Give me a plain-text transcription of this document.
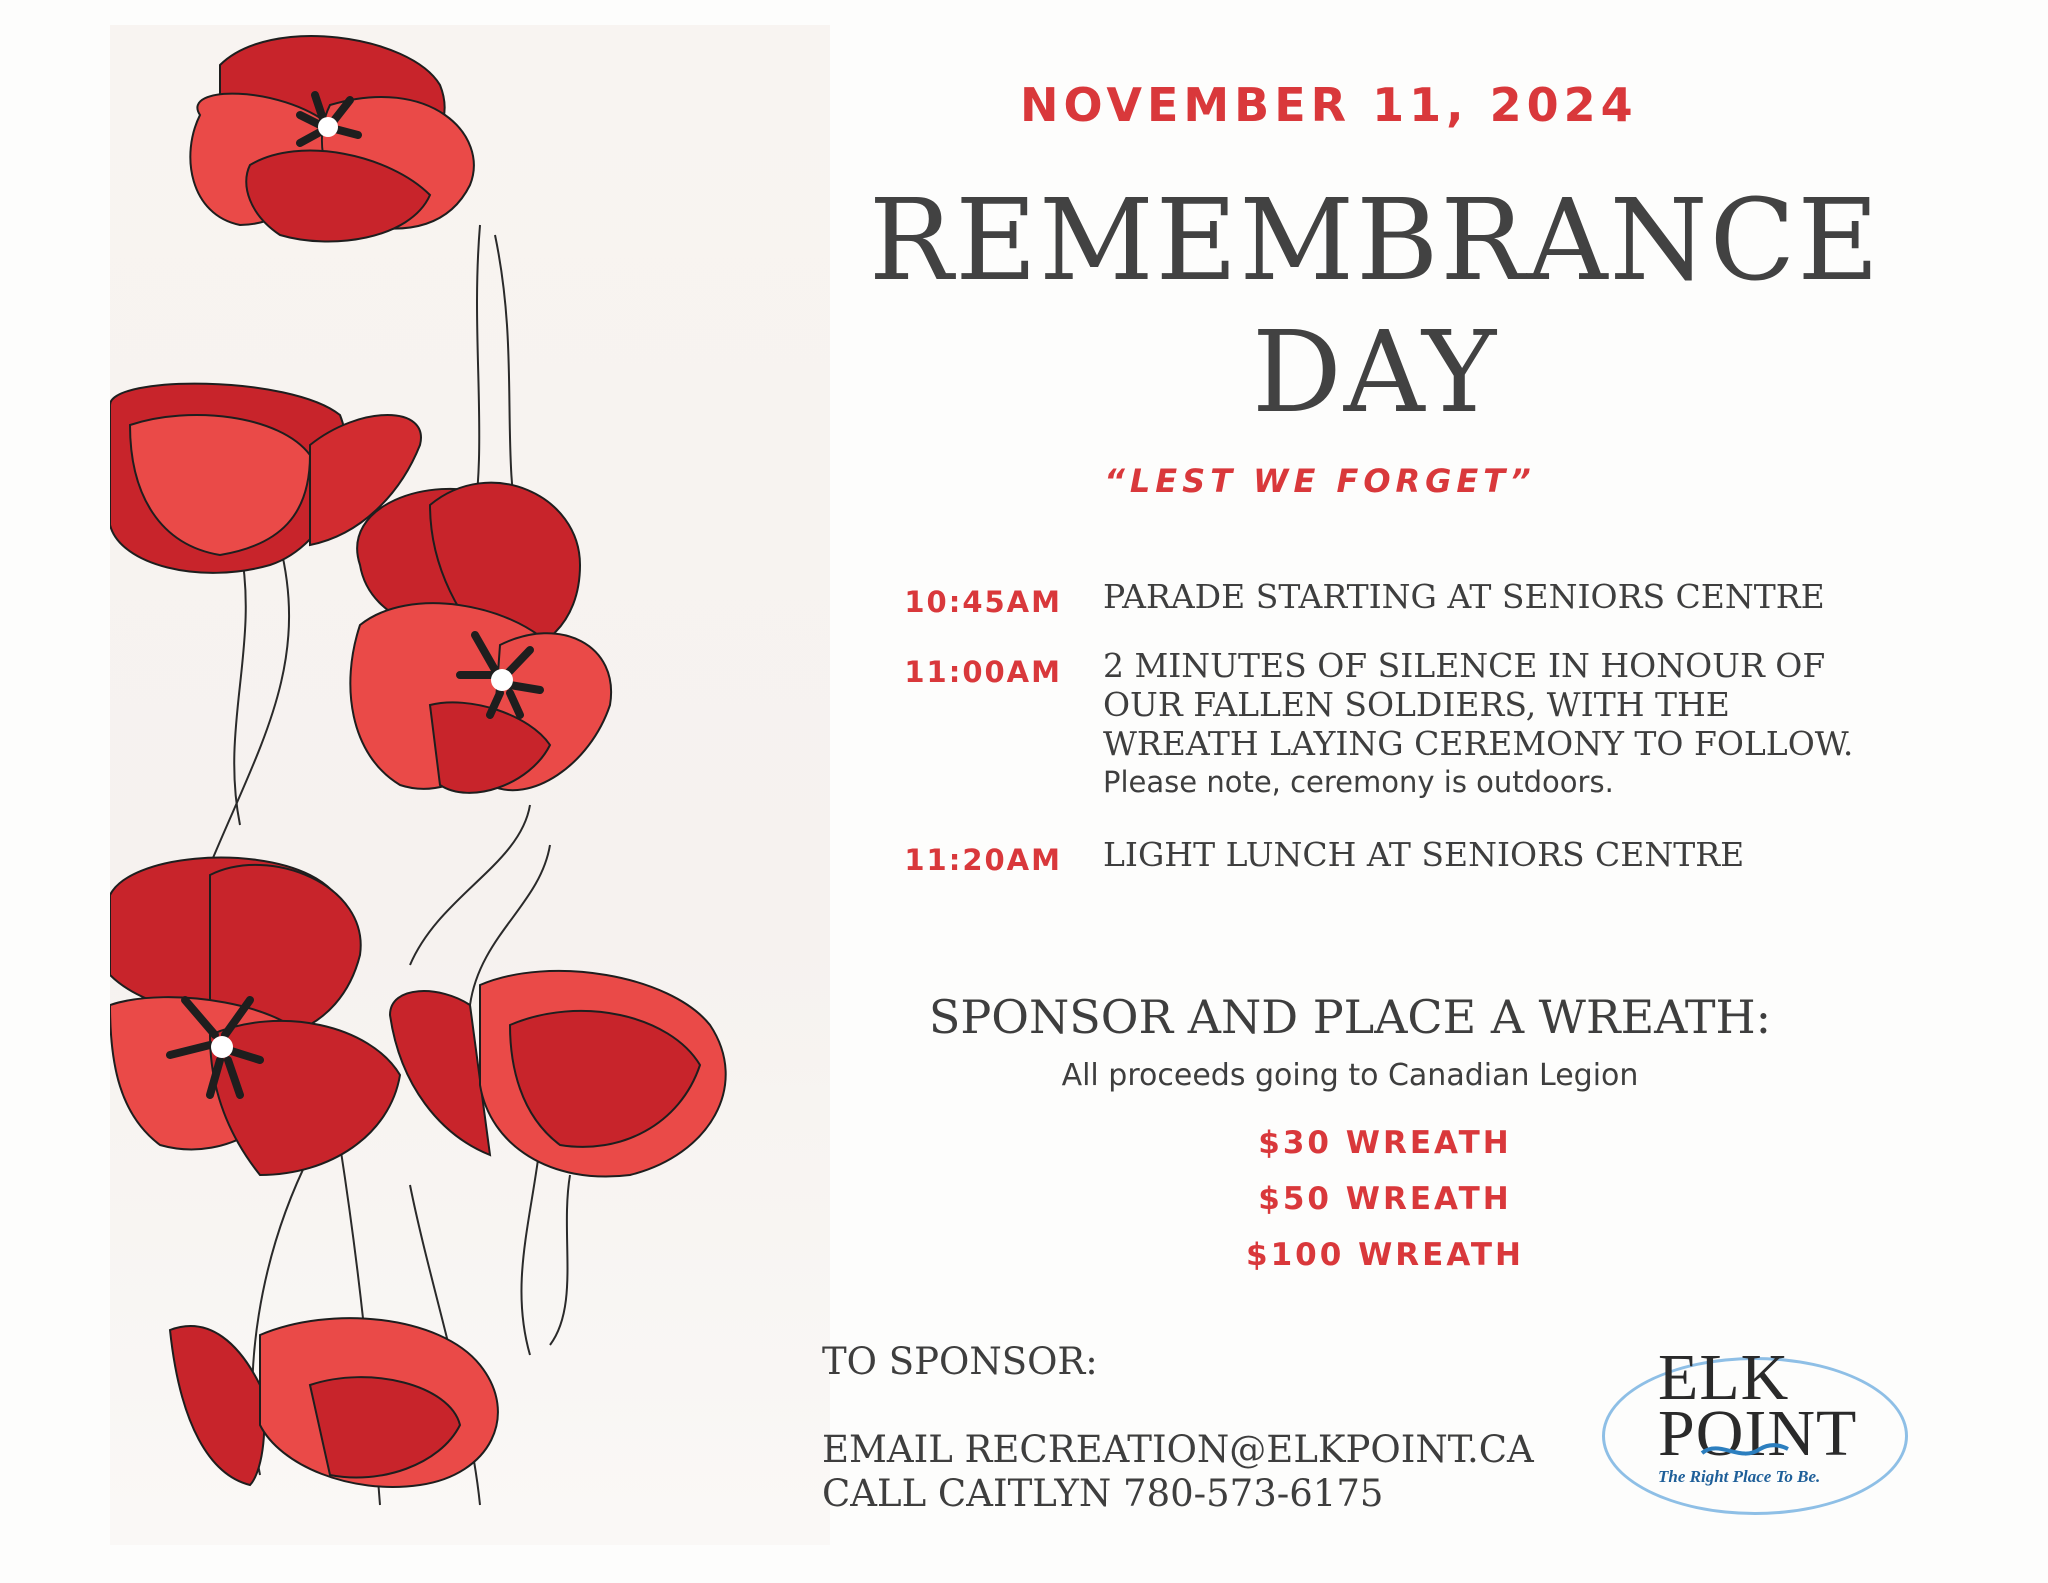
NOVEMBER 11, 2024
REMEMBRANCE
DAY
“LEST WE FORGET”
10:45AM PARADE STARTING AT SENIORS CENTRE
11:00AM 2 MINUTES OF SILENCE IN HONOUR OF
OUR FALLEN SOLDIERS, WITH THE
WREATH LAYING CEREMONY TO FOLLOW.
Please note, ceremony is outdoors.
11:20AM LIGHT LUNCH AT SENIORS CENTRE
SPONSOR AND PLACE A WREATH:
All proceeds going to Canadian Legion
$30 WREATH
$50 WREATH
$100 WREATH
TO SPONSOR:
EMAIL RECREATION@ELKPOINT.CA
CALL CAITLYN 780-573-6175
ELK
POINT
The Right Place To Be.
